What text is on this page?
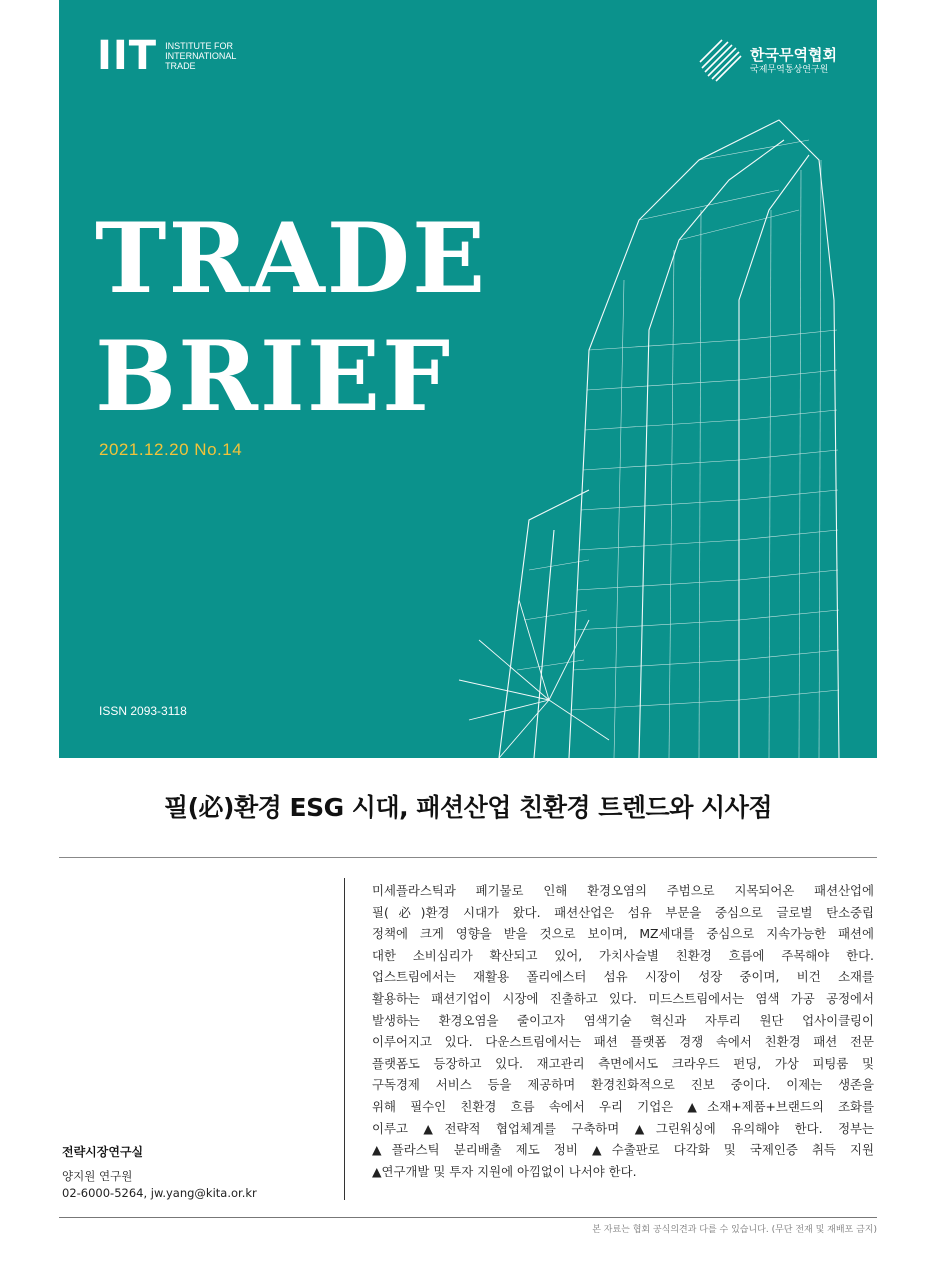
IIT INSTITUTE FOR
INTERNATIONAL
TRADE
한국무역협회
국제무역통상연구원
TRADE
BRIEF
2021.12.20 No.14
ISSN 2093-3118
필(必)환경 ESG 시대, 패션산업 친환경 트렌드와 시사점
전략시장연구실
양지원 연구원
02-6000-5264, jw.yang@kita.or.kr
미세플라스틱과 폐기물로 인해 환경오염의 주범으로 지목되어온 패션산업에
필(必)환경 시대가 왔다. 패션산업은 섬유 부문을 중심으로 글로벌 탄소중립
정책에 크게 영향을 받을 것으로 보이며, MZ세대를 중심으로 지속가능한 패션에
대한 소비심리가 확산되고 있어, 가치사슬별 친환경 흐름에 주목해야 한다.
업스트림에서는 재활용 폴리에스터 섬유 시장이 성장 중이며, 비건 소재를
활용하는 패션기업이 시장에 진출하고 있다. 미드스트림에서는 염색 가공 공정에서
발생하는 환경오염을 줄이고자 염색기술 혁신과 자투리 원단 업사이클링이
이루어지고 있다. 다운스트림에서는 패션 플랫폼 경쟁 속에서 친환경 패션 전문
플랫폼도 등장하고 있다. 재고관리 측면에서도 크라우드 펀딩, 가상 피팅룸 및
구독경제 서비스 등을 제공하며 환경친화적으로 진보 중이다. 이제는 생존을
위해 필수인 친환경 흐름 속에서 우리 기업은 ▲소재+제품+브랜드의 조화를
이루고 ▲전략적 협업체계를 구축하며 ▲그린워싱에 유의해야 한다. 정부는
▲플라스틱 분리배출 제도 정비 ▲수출판로 다각화 및 국제인증 취득 지원
▲연구개발 및 투자 지원에 아낌없이 나서야 한다.
본 자료는 협회 공식의견과 다를 수 있습니다. (무단 전재 및 재배포 금지)
